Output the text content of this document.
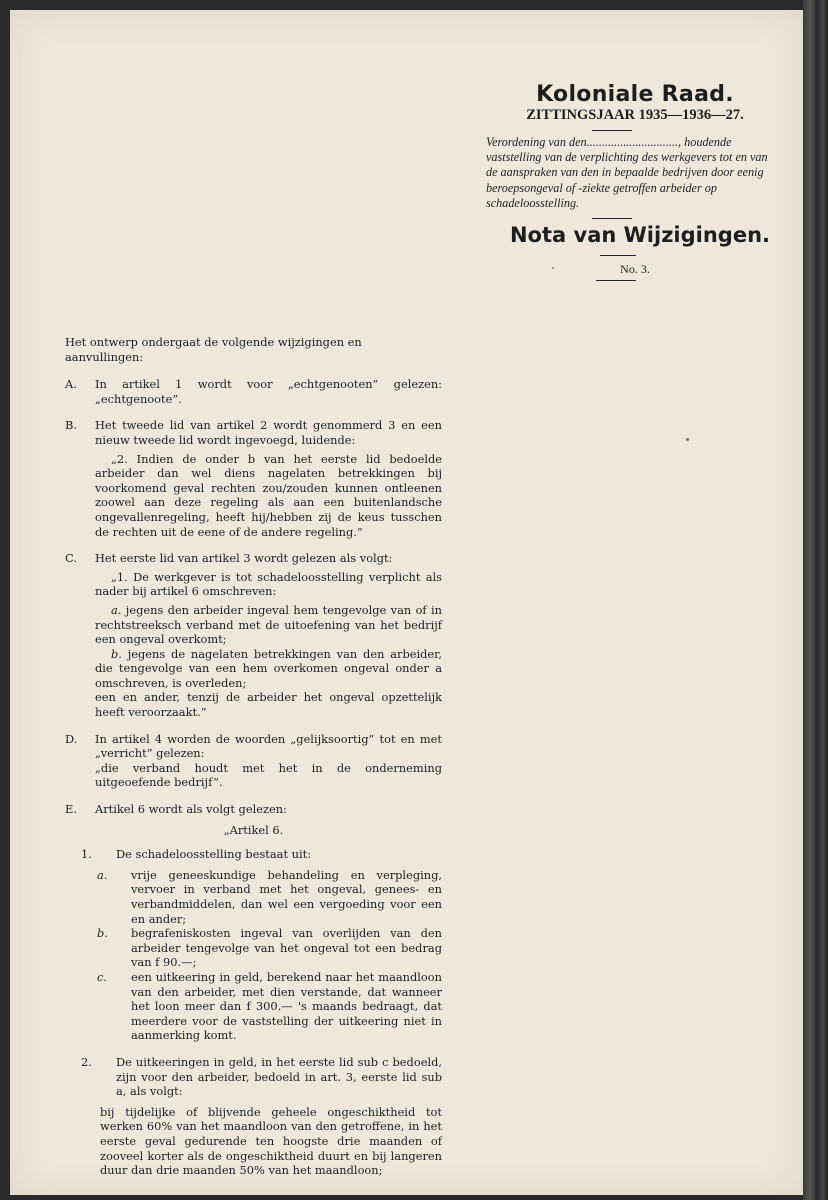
Koloniale Raad.
ZITTINGSJAAR 1935—1936—27.
Verordening van den.............................., houdende vaststelling van de verplichting des werkgevers tot en van de aanspraken van den in bepaalde bedrijven door eenig beroepsongeval of -ziekte getroffen arbeider op schadeloosstelling.
Nota van Wijzigingen.
No. 3.

Het ontwerp ondergaat de volgende wijzigingen en aanvullingen:

A.	In artikel 1 wordt voor „echtgenooten” gelezen: „echtgenoote”.
B.	Het tweede lid van artikel 2 wordt genommerd 3 en een nieuw tweede lid wordt ingevoegd, luidende:
„2. Indien de onder b van het eerste lid bedoelde arbeider dan wel diens nagelaten betrekkingen bij voorkomend geval rechten zou/zouden kunnen ontleenen zoowel aan deze regeling als aan een buitenlandsche ongevallenregeling, heeft hij/hebben zij de keus tusschen de rechten uit de eene of de andere regeling.”
C.	Het eerste lid van artikel 3 wordt gelezen als volgt:
„1. De werkgever is tot schadeloosstelling verplicht als nader bij artikel 6 omschreven:
a. jegens den arbeider ingeval hem tengevolge van of in rechtstreeksch verband met de uitoefening van het bedrijf een ongeval overkomt;
b. jegens de nagelaten betrekkingen van den arbeider, die tengevolge van een hem overkomen ongeval onder a omschreven, is overleden;
een en ander, tenzij de arbeider het ongeval opzettelijk heeft veroorzaakt.”
D.	In artikel 4 worden de woorden „gelijksoortig” tot en met „verricht” gelezen:
„die verband houdt met het in de onderneming uitgeoefende bedrijf”.
E.	Artikel 6 wordt als volgt gelezen:
„Artikel 6.
1.	De schadeloosstelling bestaat uit:
a.	vrije geneeskundige behandeling en verpleging, vervoer in verband met het ongeval, genees- en verbandmiddelen, dan wel een vergoeding voor een en ander;
b.	begrafeniskosten ingeval van overlijden van den arbeider tengevolge van het ongeval tot een bedrag van f 90.—;
c.	een uitkeering in geld, berekend naar het maandloon van den arbeider, met dien verstande, dat wanneer het loon meer dan f 300.— 's maands bedraagt, dat meerdere voor de vaststelling der uitkeering niet in aanmerking komt.
2.	De uitkeeringen in geld, in het eerste lid sub c bedoeld, zijn voor den arbeider, bedoeld in art. 3, eerste lid sub a, als volgt:
bij tijdelijke of blijvende geheele ongeschiktheid tot werken 60% van het maandloon van den getroffene, in het eerste geval gedurende ten hoogste drie maanden of zooveel korter als de ongeschiktheid duurt en bij langeren duur dan drie maanden 50% van het maandloon;
